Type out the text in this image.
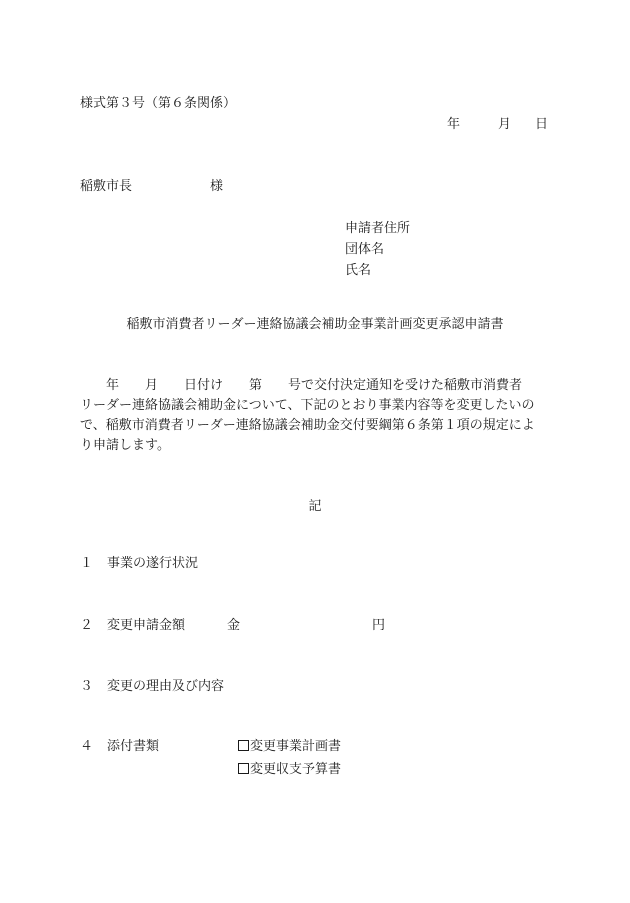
様式第３号（第６条関係）
年	月 日
稲敷市長	様
申請者住所
団体名
氏名
稲敷市消費者リーダー連絡協議会補助金事業計画変更承認申請書

　　年　　月　　日付け　　第　　号で交付決定通知を受けた稲敷市消費者

リーダー連絡協議会補助金について、下記のとおり事業内容等を変更したいの

で、稲敷市消費者リーダー連絡協議会補助金交付要綱第６条第１項の規定によ

り申請します。

記
１ 事業の遂行状況
２ 変更申請金額	金	円
３ 変更の理由及び内容
４ 添付書類	変更事業計画書
変更収支予算書
